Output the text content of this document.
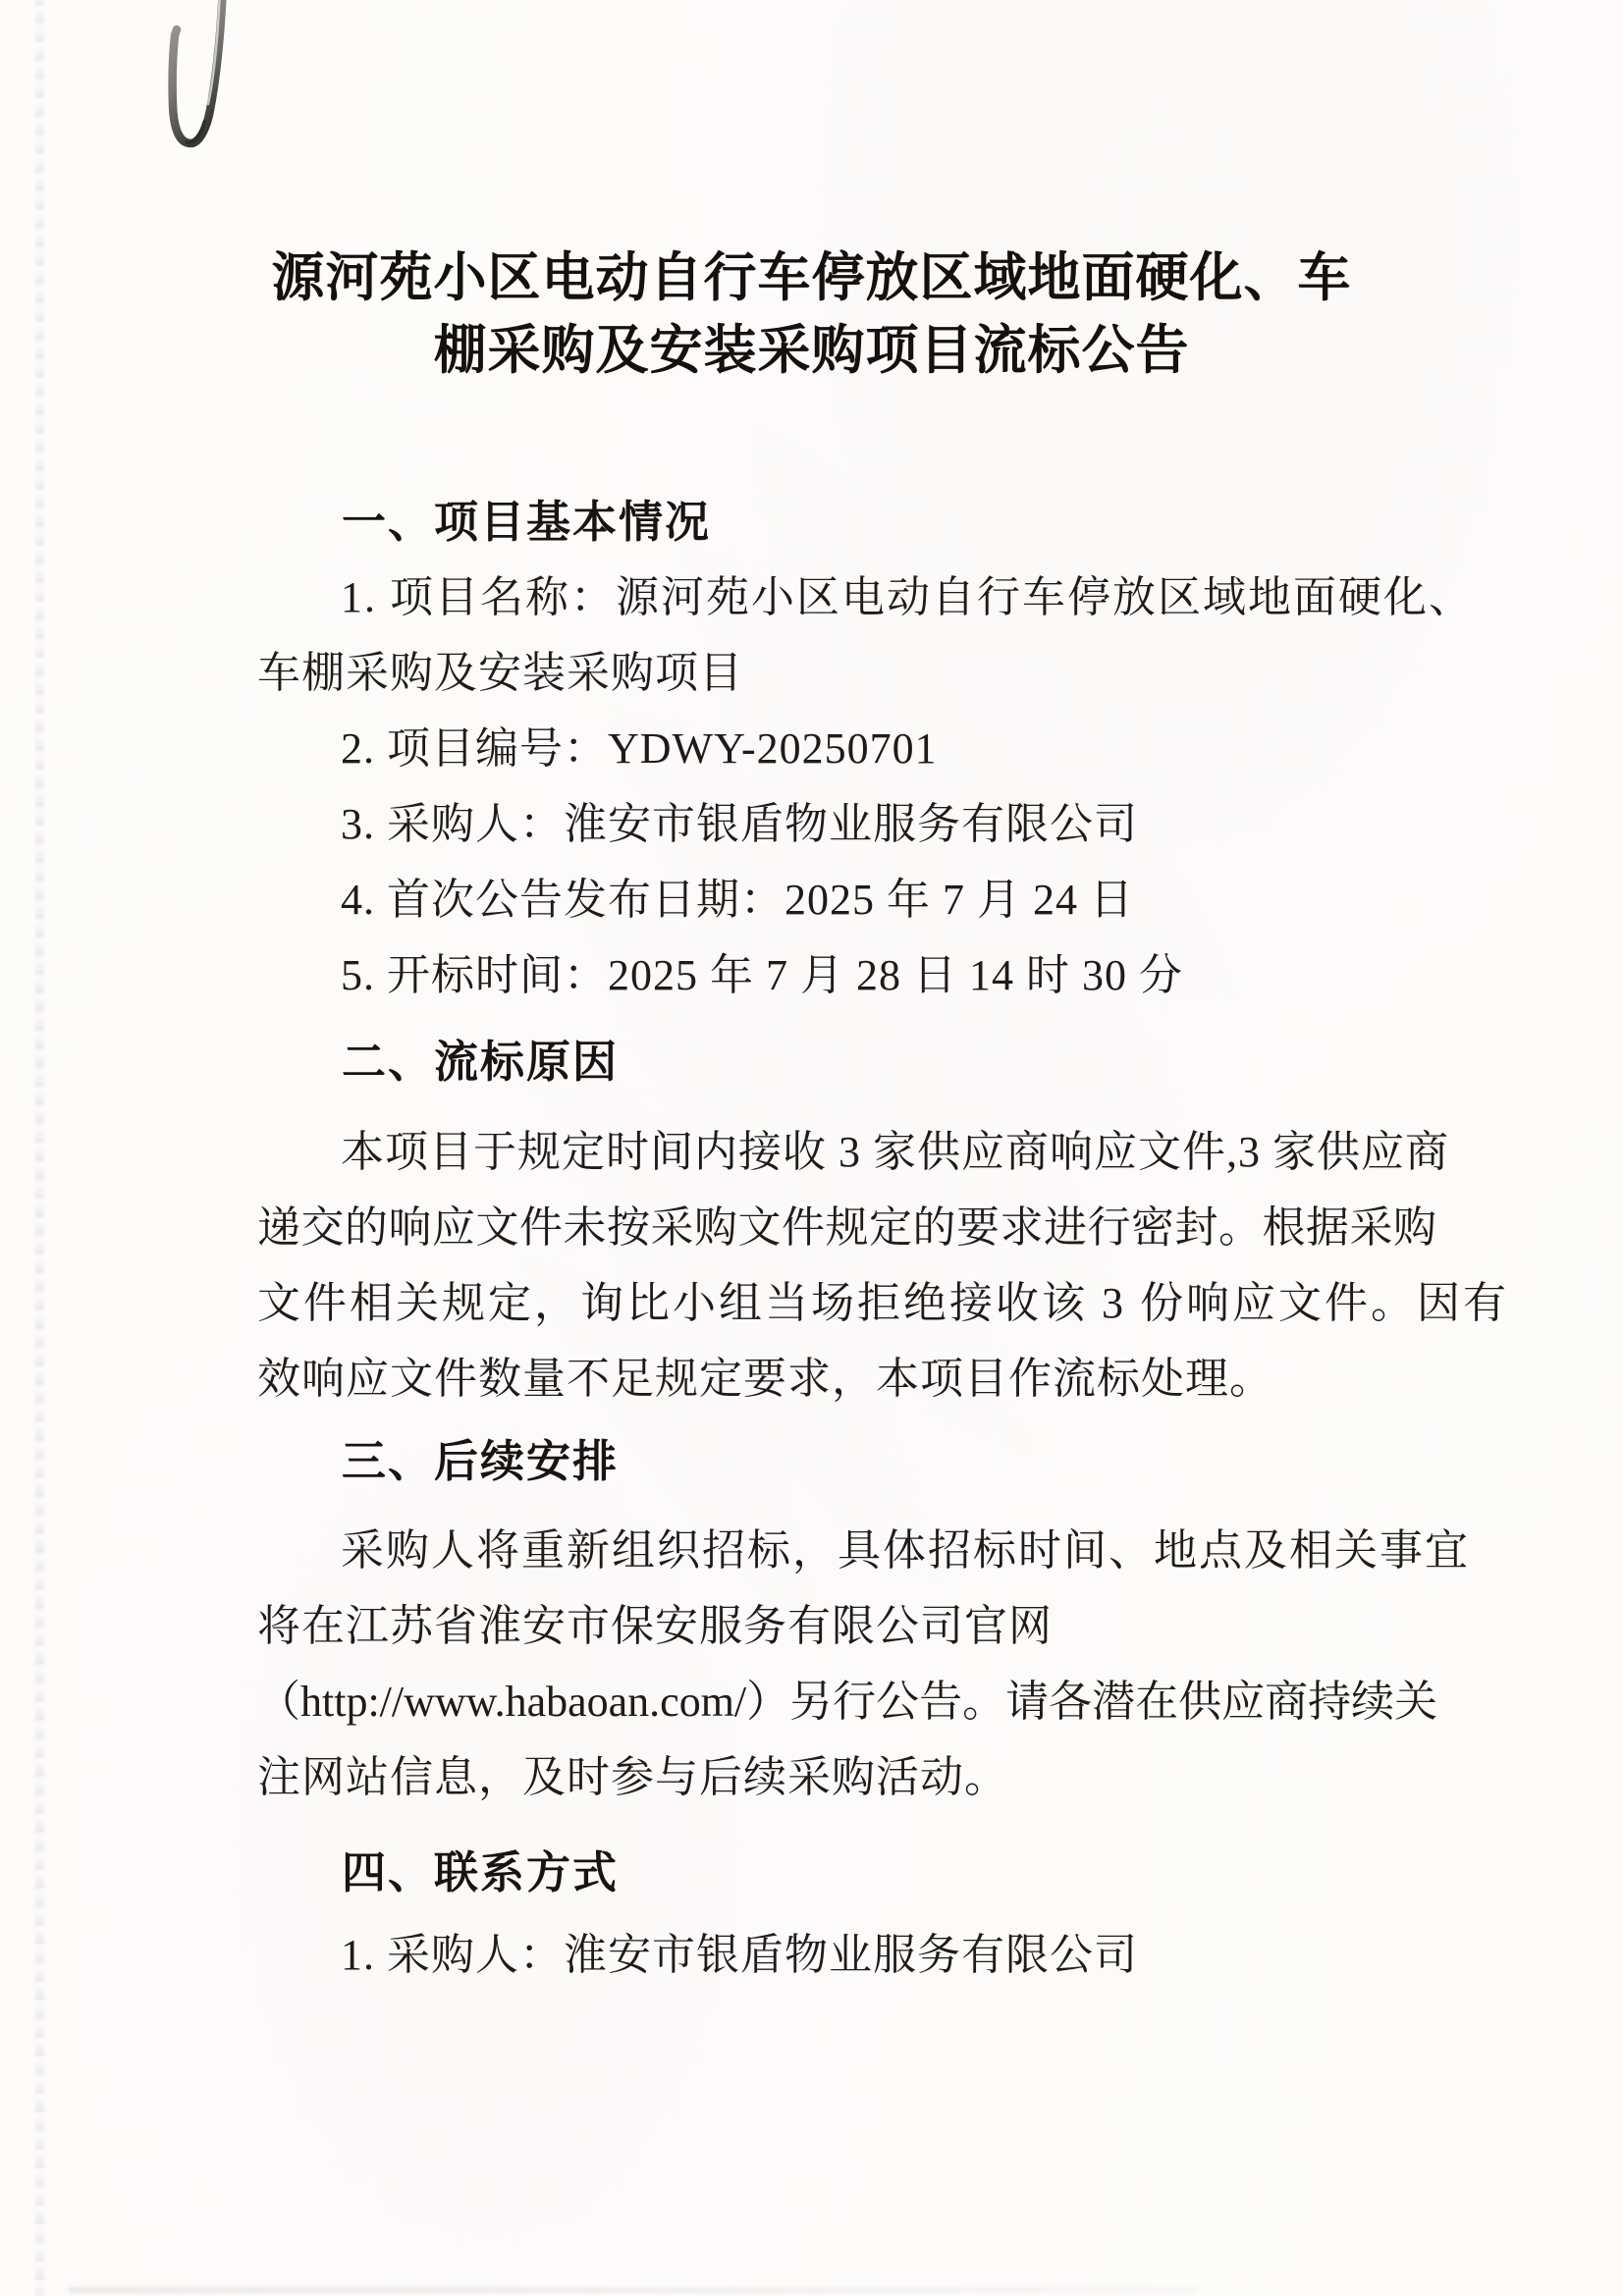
源河苑小区电动自行车停放区域地面硬化、车
棚采购及安装采购项目流标公告
一、项目基本情况
1. 项目名称：源河苑小区电动自行车停放区域地面硬化、
车棚采购及安装采购项目
2. 项目编号：YDWY-20250701
3. 采购人：淮安市银盾物业服务有限公司
4. 首次公告发布日期：2025 年 7 月 24 日
5. 开标时间：2025 年 7 月 28 日 14 时 30 分
二、流标原因
本项目于规定时间内接收 3 家供应商响应文件,3 家供应商
递交的响应文件未按采购文件规定的要求进行密封。根据采购
文件相关规定，询比小组当场拒绝接收该 3 份响应文件。因有
效响应文件数量不足规定要求，本项目作流标处理。
三、后续安排
采购人将重新组织招标，具体招标时间、地点及相关事宜
将在江苏省淮安市保安服务有限公司官网
（http://www.habaoan.com/）另行公告。请各潜在供应商持续关
注网站信息，及时参与后续采购活动。
四、联系方式
1. 采购人：淮安市银盾物业服务有限公司
